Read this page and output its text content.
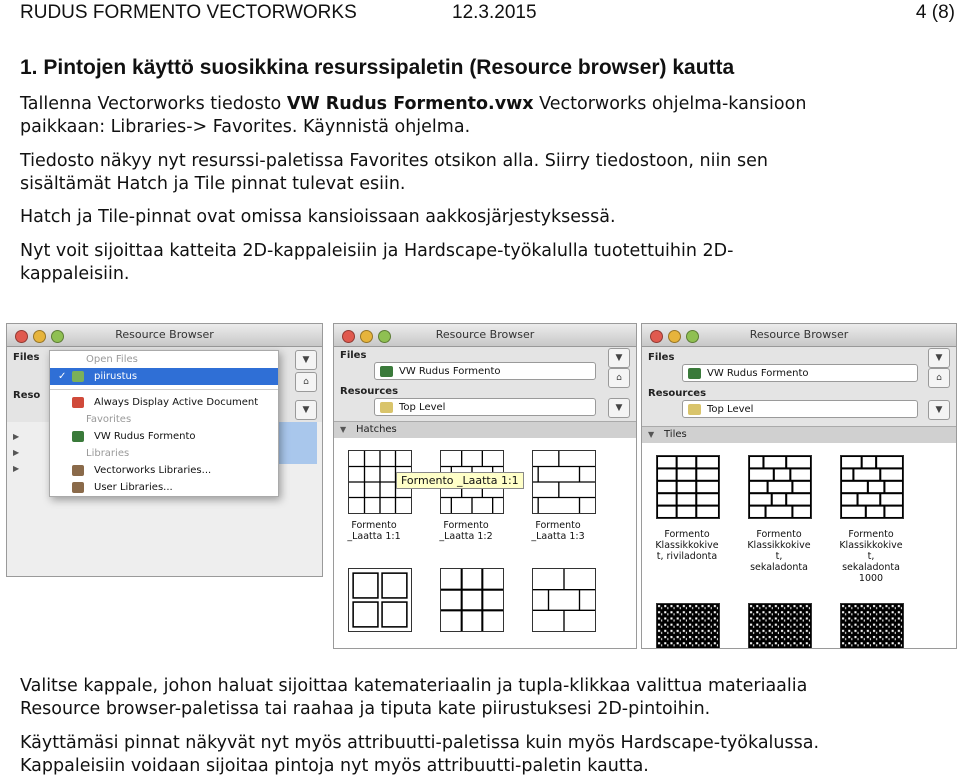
RUDUS FORMENTO VECTORWORKS	12.3.2015	4 (8)
1. Pintojen käyttö suosikkina resurssipaletin (Resource browser) kautta
Tallenna Vectorworks tiedosto VW Rudus Formento.vwx Vectorworks ohjelma-kansioon
paikkaan: Libraries-> Favorites. Käynnistä ohjelma.
Tiedosto näkyy nyt resurssi-paletissa Favorites otsikon alla. Siirry tiedostoon, niin sen
sisältämät Hatch ja Tile pinnat tulevat esiin.
Hatch ja Tile-pinnat ovat omissa kansioissaan aakkosjärjestyksessä.
Nyt voit sijoittaa katteita 2D-kappaleisiin ja Hardscape-työkalulla tuotettuihin 2D-
kappaleisiin.
Resource Browser
Files
Reso
▼
⌂
▼
▶
▶
▶
Open Files
✓	piirustus
Always Display Active Document
Favorites
VW Rudus Formento
Libraries
Vectorworks Libraries...
User Libraries...
Resource Browser
Files
VW Rudus Formento
▼
⌂
Resources
Top Level	▼
▼ Hatches
Formento
_Laatta 1:1
Formento
_Laatta 1:2
Formento
_Laatta 1:3
Formento _Laatta 1:1
Resource Browser
Files
VW Rudus Formento
▼
⌂
Resources
Top Level	▼
▼ Tiles
Formento
Klassikkokive
t, riviladonta
Formento
Klassikkokive
t,
sekaladonta
Formento
Klassikkokive
t,
sekaladonta
1000
Valitse kappale, johon haluat sijoittaa katemateriaalin ja tupla-klikkaa valittua materiaalia
Resource browser-paletissa tai raahaa ja tiputa kate piirustuksesi 2D-pintoihin.
Käyttämäsi pinnat näkyvät nyt myös attribuutti-paletissa kuin myös Hardscape-työkalussa.
Kappaleisiin voidaan sijoitaa pintoja nyt myös attribuutti-paletin kautta.
